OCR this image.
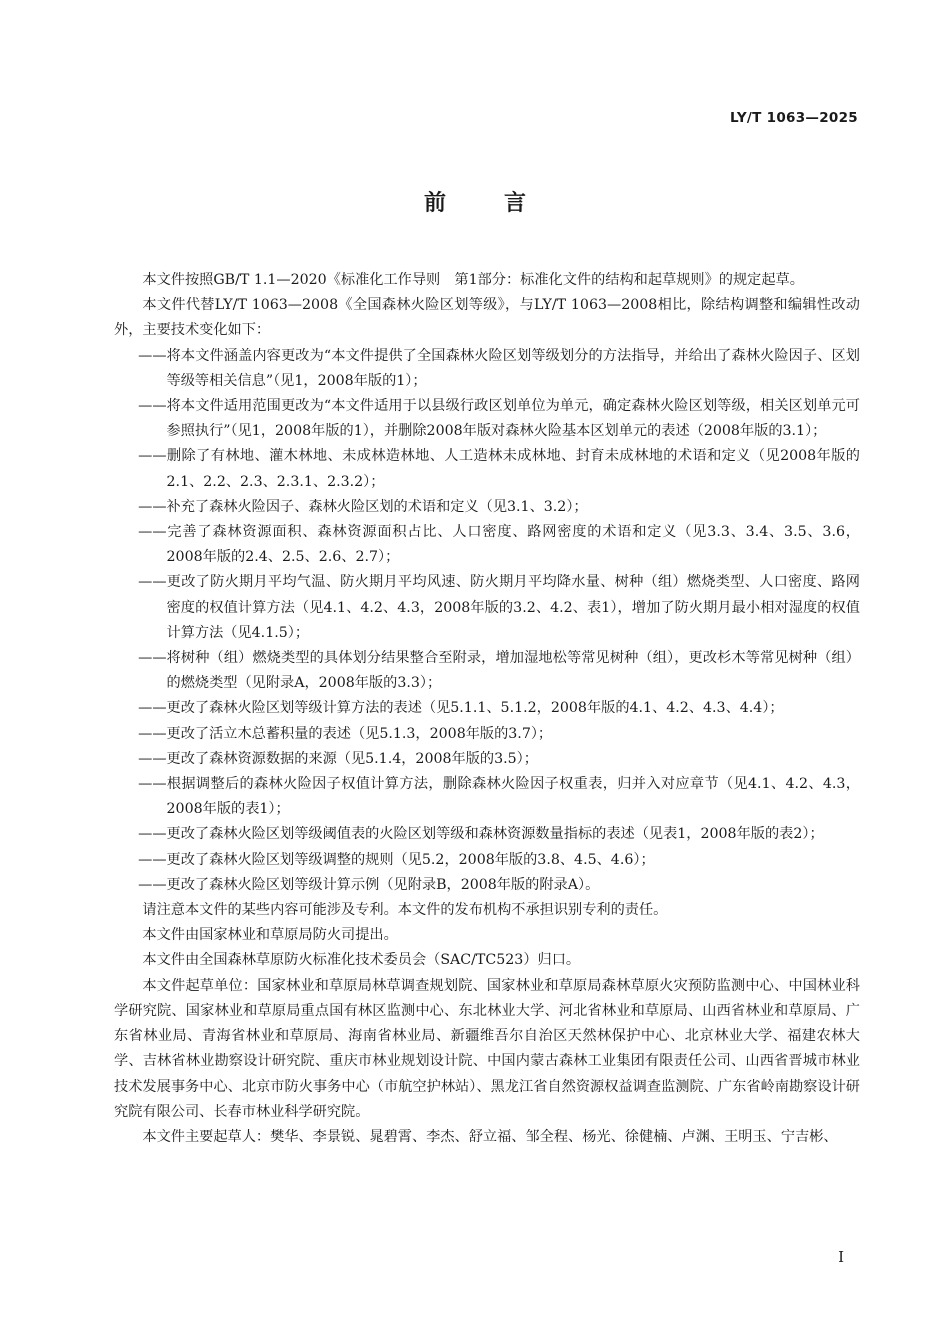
LY/T 1063—2025
前	言

本文件按照GB/T 1.1—2020《标准化工作导则　第1部分：标准化文件的结构和起草规则》的规定起草。

本文件代替LY/T 1063—2008《全国森林火险区划等级》，与LY/T 1063—2008相比，除结构调整和编辑性改动外，主要技术变化如下：

——将本文件涵盖内容更改为“本文件提供了全国森林火险区划等级划分的方法指导，并给出了森林火险因子、区划等级等相关信息”（见1，2008年版的1）；

——将本文件适用范围更改为“本文件适用于以县级行政区划单位为单元，确定森林火险区划等级，相关区划单元可参照执行”（见1，2008年版的1），并删除2008年版对森林火险基本区划单元的表述（2008年版的3.1）；

——删除了有林地、灌木林地、未成林造林地、人工造林未成林地、封育未成林地的术语和定义（见2008年版的2.1、2.2、2.3、2.3.1、2.3.2）；

——补充了森林火险因子、森林火险区划的术语和定义（见3.1、3.2）；

——完善了森林资源面积、森林资源面积占比、人口密度、路网密度的术语和定义（见3.3、3.4、3.5、3.6，2008年版的2.4、2.5、2.6、2.7）；

——更改了防火期月平均气温、防火期月平均风速、防火期月平均降水量、树种（组）燃烧类型、人口密度、路网密度的权值计算方法（见4.1、4.2、4.3，2008年版的3.2、4.2、表1），增加了防火期月最小相对湿度的权值计算方法（见4.1.5）；

——将树种（组）燃烧类型的具体划分结果整合至附录，增加湿地松等常见树种（组），更改杉木等常见树种（组）的燃烧类型（见附录A，2008年版的3.3）；

——更改了森林火险区划等级计算方法的表述（见5.1.1、5.1.2，2008年版的4.1、4.2、4.3、4.4）；

——更改了活立木总蓄积量的表述（见5.1.3，2008年版的3.7）；

——更改了森林资源数据的来源（见5.1.4，2008年版的3.5）；

——根据调整后的森林火险因子权值计算方法，删除森林火险因子权重表，归并入对应章节（见4.1、4.2、4.3，2008年版的表1）；

——更改了森林火险区划等级阈值表的火险区划等级和森林资源数量指标的表述（见表1，2008年版的表2）；

——更改了森林火险区划等级调整的规则（见5.2，2008年版的3.8、4.5、4.6）；

——更改了森林火险区划等级计算示例（见附录B，2008年版的附录A）。

请注意本文件的某些内容可能涉及专利。本文件的发布机构不承担识别专利的责任。

本文件由国家林业和草原局防火司提出。

本文件由全国森林草原防火标准化技术委员会（SAC/TC523）归口。

本文件起草单位：国家林业和草原局林草调查规划院、国家林业和草原局森林草原火灾预防监测中心、中国林业科学研究院、国家林业和草原局重点国有林区监测中心、东北林业大学、河北省林业和草原局、山西省林业和草原局、广东省林业局、青海省林业和草原局、海南省林业局、新疆维吾尔自治区天然林保护中心、北京林业大学、福建农林大学、吉林省林业勘察设计研究院、重庆市林业规划设计院、中国内蒙古森林工业集团有限责任公司、山西省晋城市林业技术发展事务中心、北京市防火事务中心（市航空护林站）、黑龙江省自然资源权益调查监测院、广东省岭南勘察设计研究院有限公司、长春市林业科学研究院。

本文件主要起草人：樊华、李景锐、晁碧霄、李杰、舒立福、邹全程、杨光、徐健楠、卢渊、王明玉、宁吉彬、

I
